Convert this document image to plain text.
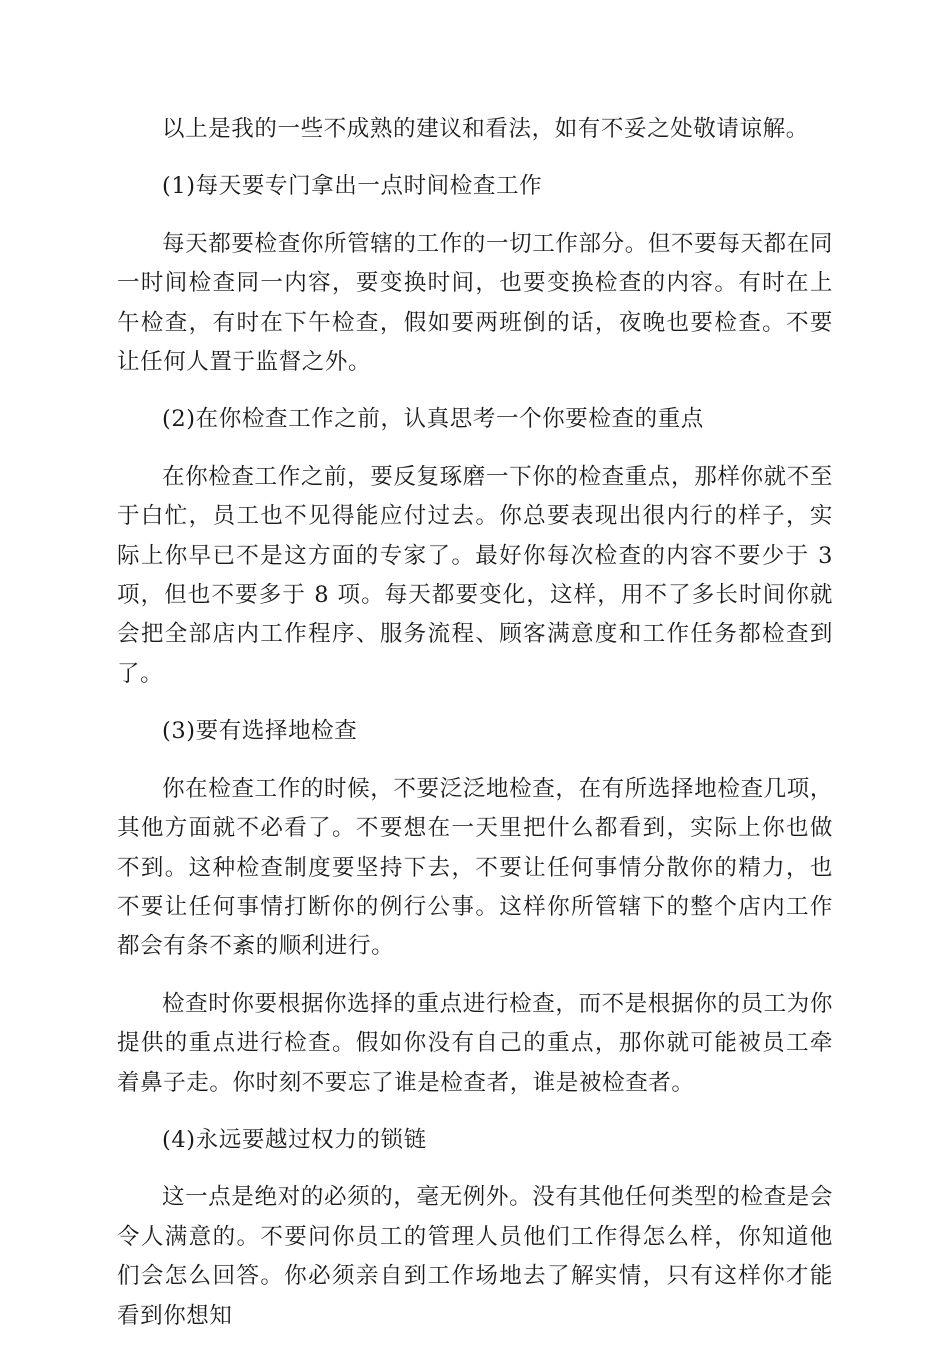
以上是我的一些不成熟的建议和看法，如有不妥之处敬请谅解。

(1)每天要专门拿出一点时间检查工作

每天都要检查你所管辖的工作的一切工作部分。但不要每天都在同一时间检查同一内容，要变换时间，也要变换检查的内容。有时在上午检查，有时在下午检查，假如要两班倒的话，夜晚也要检查。不要让任何人置于监督之外。

(2)在你检查工作之前，认真思考一个你要检查的重点

在你检查工作之前，要反复琢磨一下你的检查重点，那样你就不至于白忙，员工也不见得能应付过去。你总要表现出很内行的样子，实际上你早已不是这方面的专家了。最好你每次检查的内容不要少于 3 项，但也不要多于 8 项。每天都要变化，这样，用不了多长时间你就会把全部店内工作程序、服务流程、顾客满意度和工作任务都检查到了。

(3)要有选择地检查

你在检查工作的时候，不要泛泛地检查，在有所选择地检查几项，其他方面就不必看了。不要想在一天里把什么都看到，实际上你也做不到。这种检查制度要坚持下去，不要让任何事情分散你的精力，也不要让任何事情打断你的例行公事。这样你所管辖下的整个店内工作都会有条不紊的顺利进行。

检查时你要根据你选择的重点进行检查，而不是根据你的员工为你提供的重点进行检查。假如你没有自己的重点，那你就可能被员工牵着鼻子走。你时刻不要忘了谁是检查者，谁是被检查者。

(4)永远要越过权力的锁链

这一点是绝对的必须的，毫无例外。没有其他任何类型的检查是会令人满意的。不要问你员工的管理人员他们工作得怎么样，你知道他们会怎么回答。你必须亲自到工作场地去了解实情，只有这样你才能看到你想知
